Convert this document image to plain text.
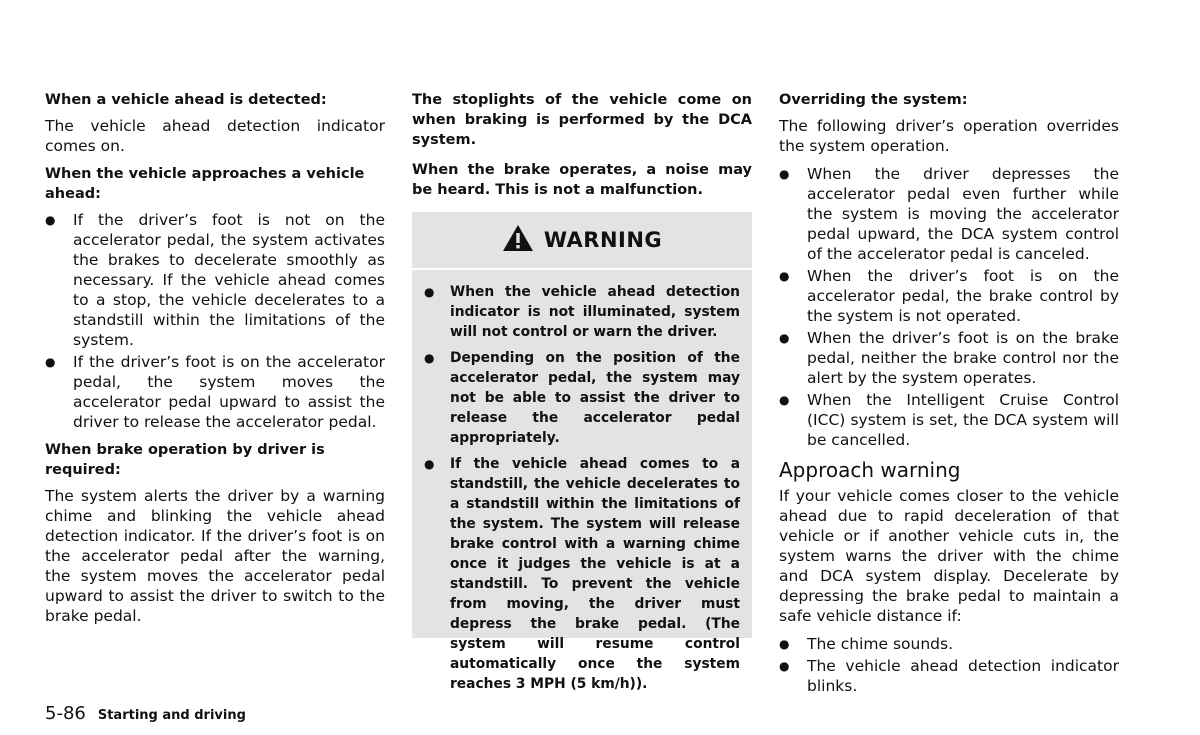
When a vehicle ahead is detected:
The vehicle ahead detection indicator comes on.
When the vehicle approaches a vehicle ahead:
●	If the driver’s foot is not on the accelerator pedal, the system activates the brakes to decelerate smoothly as necessary. If the vehicle ahead comes to a stop, the vehicle decelerates to a standstill within the limitations of the system.
●	If the driver’s foot is on the accelerator pedal, the system moves the accelerator pedal upward to assist the driver to release the accelerator pedal.
When brake operation by driver is required:
The system alerts the driver by a warning chime and blinking the vehicle ahead detection indicator. If the driver’s foot is on the accelerator pedal after the warning, the system moves the accelerator pedal upward to assist the driver to switch to the brake pedal.
The stoplights of the vehicle come on when braking is performed by the DCA system.
When the brake operates, a noise may be heard. This is not a malfunction.
WARNING
● When the vehicle ahead detection indicator is not illuminated, system will not control or warn the driver.
● Depending on the position of the accelerator pedal, the system may not be able to assist the driver to release the accelerator pedal appropriately.
● If the vehicle ahead comes to a standstill, the vehicle decelerates to a standstill within the limitations of the system. The system will release brake control with a warning chime once it judges the vehicle is at a standstill. To prevent the vehicle from moving, the driver must depress the brake pedal. (The system will resume control automatically once the system reaches 3 MPH (5 km/h)).
Overriding the system:
The following driver’s operation overrides the system operation.
●	When the driver depresses the accelerator pedal even further while the system is moving the accelerator pedal upward, the DCA system control of the accelerator pedal is canceled.
●	When the driver’s foot is on the accelerator pedal, the brake control by the system is not operated.
●	When the driver’s foot is on the brake pedal, neither the brake control nor the alert by the system operates.
●	When the Intelligent Cruise Control (ICC) system is set, the DCA system will be cancelled.
Approach warning
If your vehicle comes closer to the vehicle ahead due to rapid deceleration of that vehicle or if another vehicle cuts in, the system warns the driver with the chime and DCA system display. Decelerate by depressing the brake pedal to maintain a safe vehicle distance if:
●	The chime sounds.
●	The vehicle ahead detection indicator blinks.
5-86 Starting and driving
